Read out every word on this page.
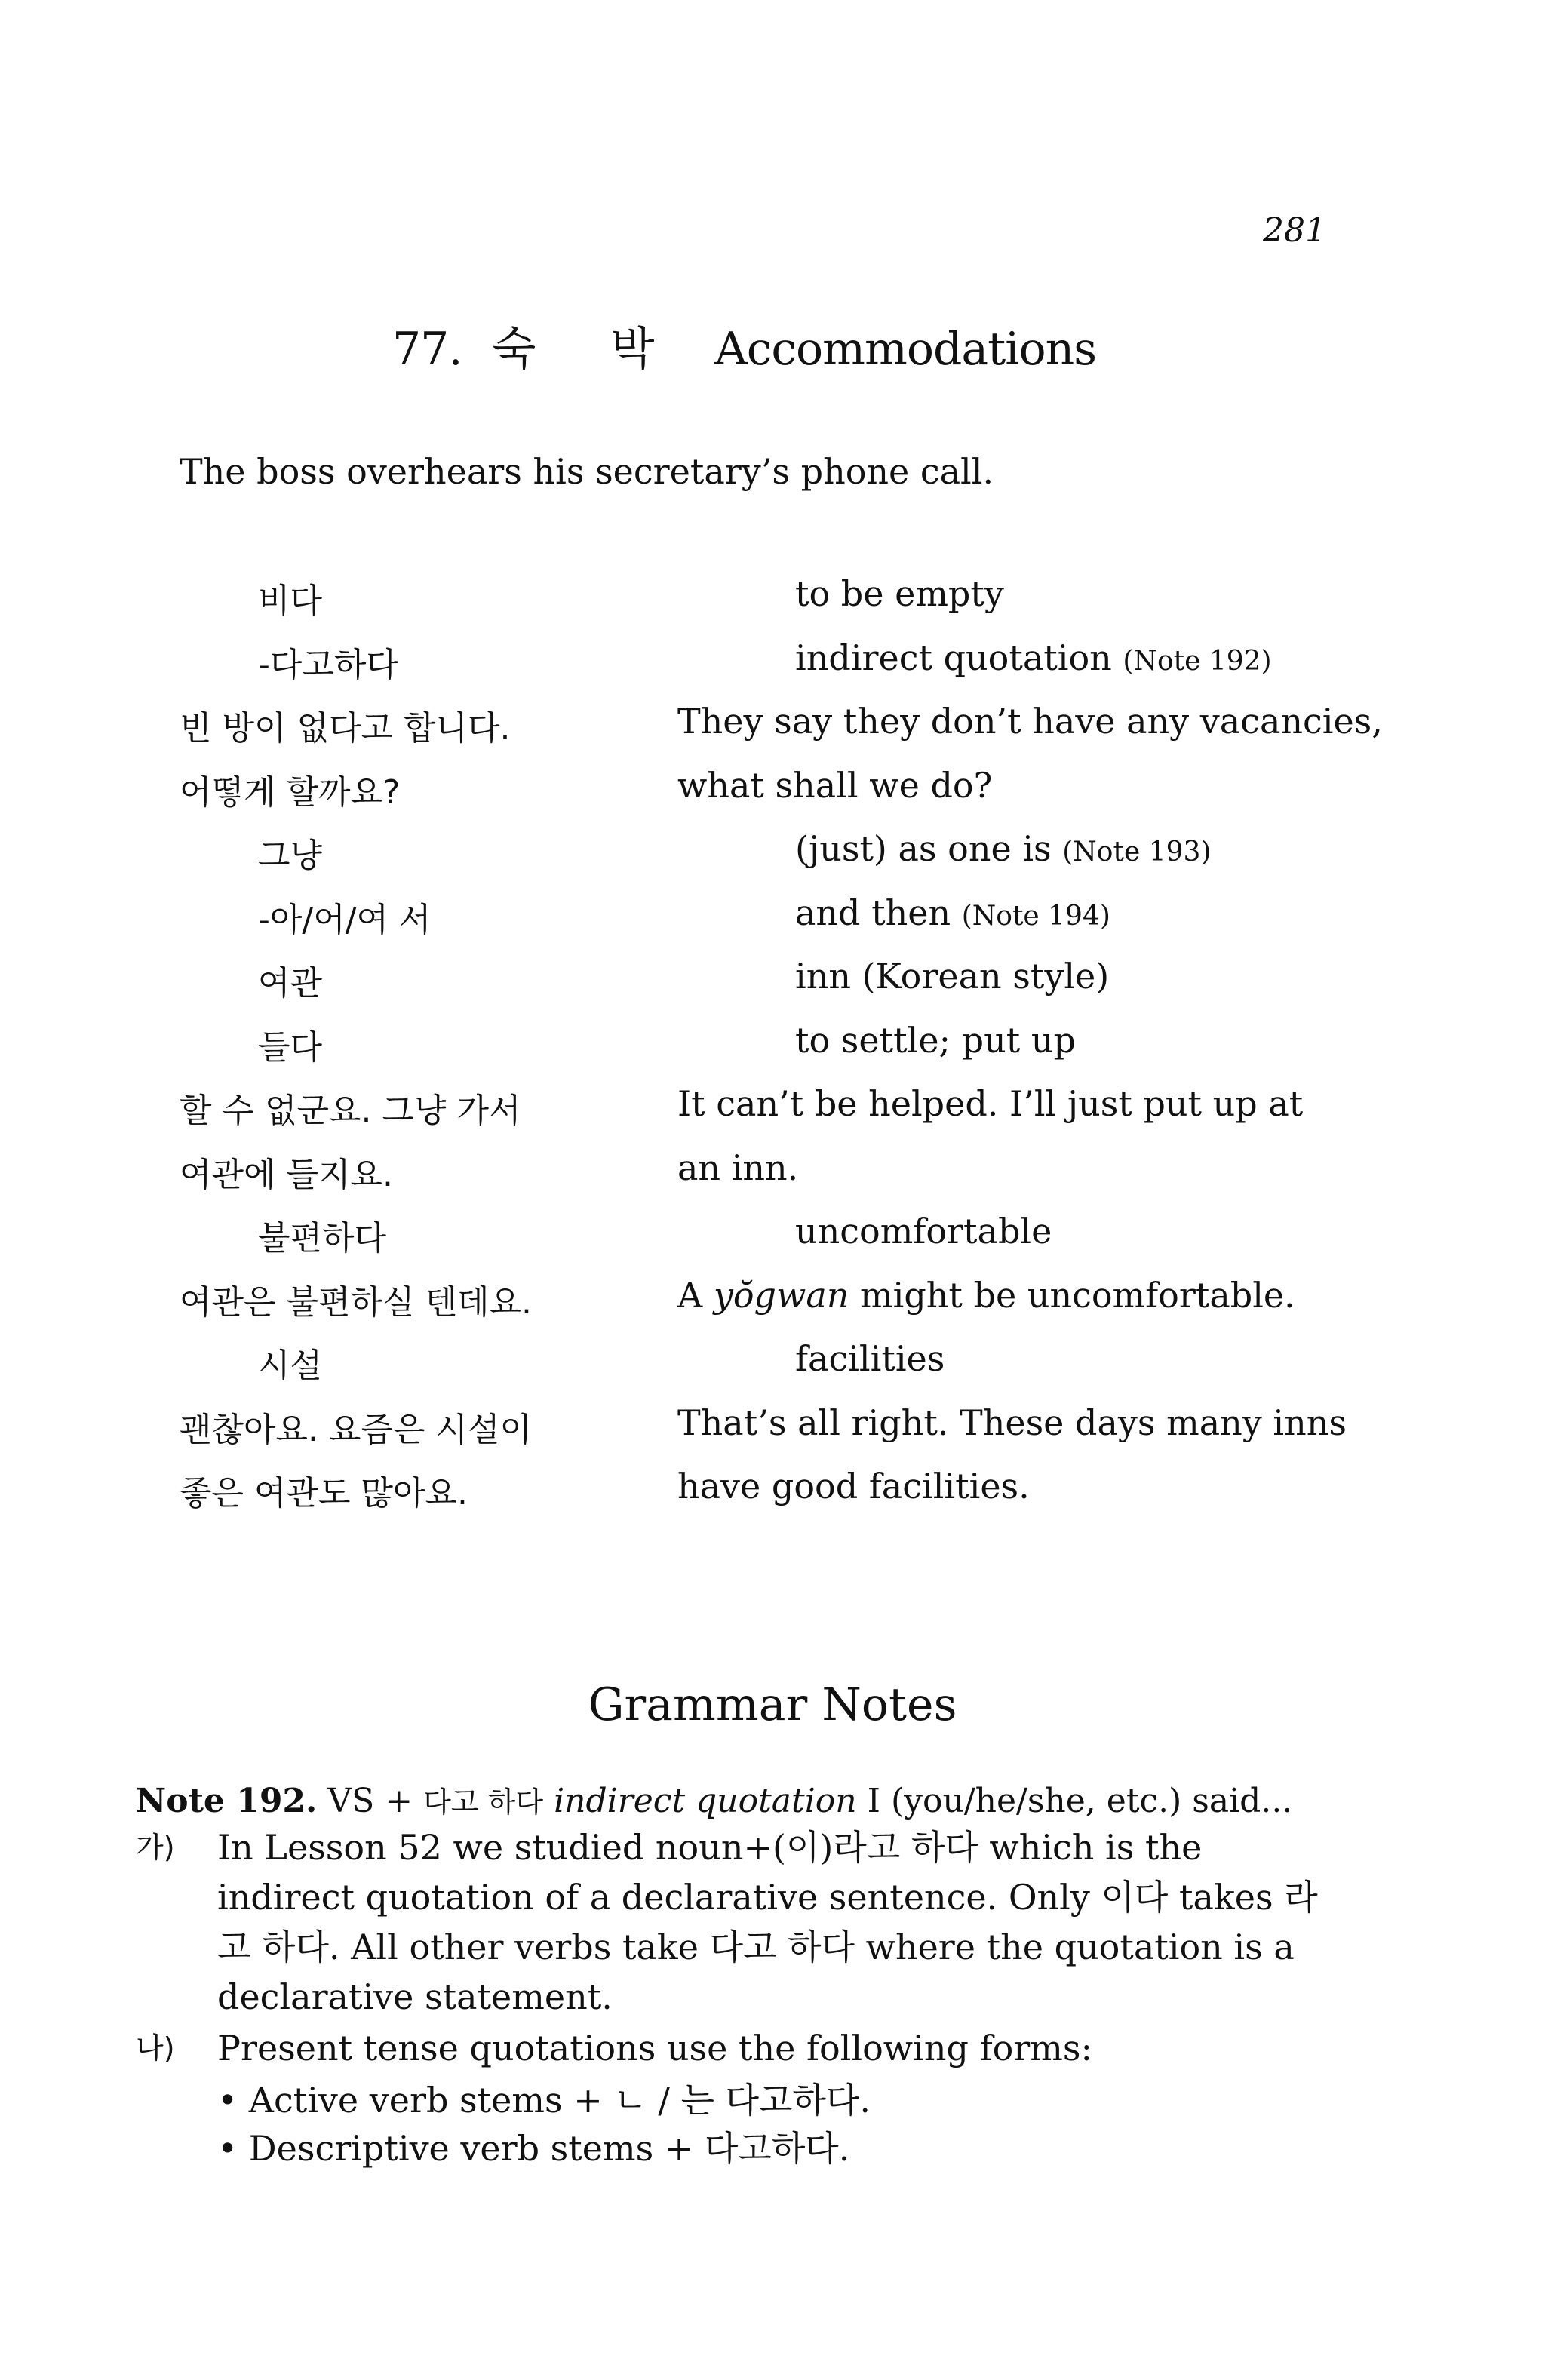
281
77. 숙 박 Accommodations
The boss overhears his secretary’s phone call.
비다	to be empty
-다고하다	indirect quotation (Note 192)
빈 방이 없다고 합니다.	They say they don’t have any vacancies,
어떻게 할까요?	what shall we do?
그냥	(just) as one is (Note 193)
-아/어/여 서	and then (Note 194)
여관	inn (Korean style)
들다	to settle; put up
할 수 없군요. 그냥 가서	It can’t be helped. I’ll just put up at
여관에 들지요.	an inn.
불편하다	uncomfortable
여관은 불편하실 텐데요.	A yŏgwan might be uncomfortable.
시설	facilities
괜찮아요. 요즘은 시설이	That’s all right. These days many inns
좋은 여관도 많아요.	have good facilities.
Grammar Notes
Note 192. VS + 다고 하다 indirect quotation I (you/he/she, etc.) said...
가) In Lesson 52 we studied noun+(이)라고 하다 which is the indirect quotation of a declarative sentence. Only 이다 takes 라고 하다. All other verbs take 다고 하다 where the quotation is a declarative statement.
나) Present tense quotations use the following forms:
• Active verb stems + ㄴ / 는 다고하다.
• Descriptive verb stems + 다고하다.
